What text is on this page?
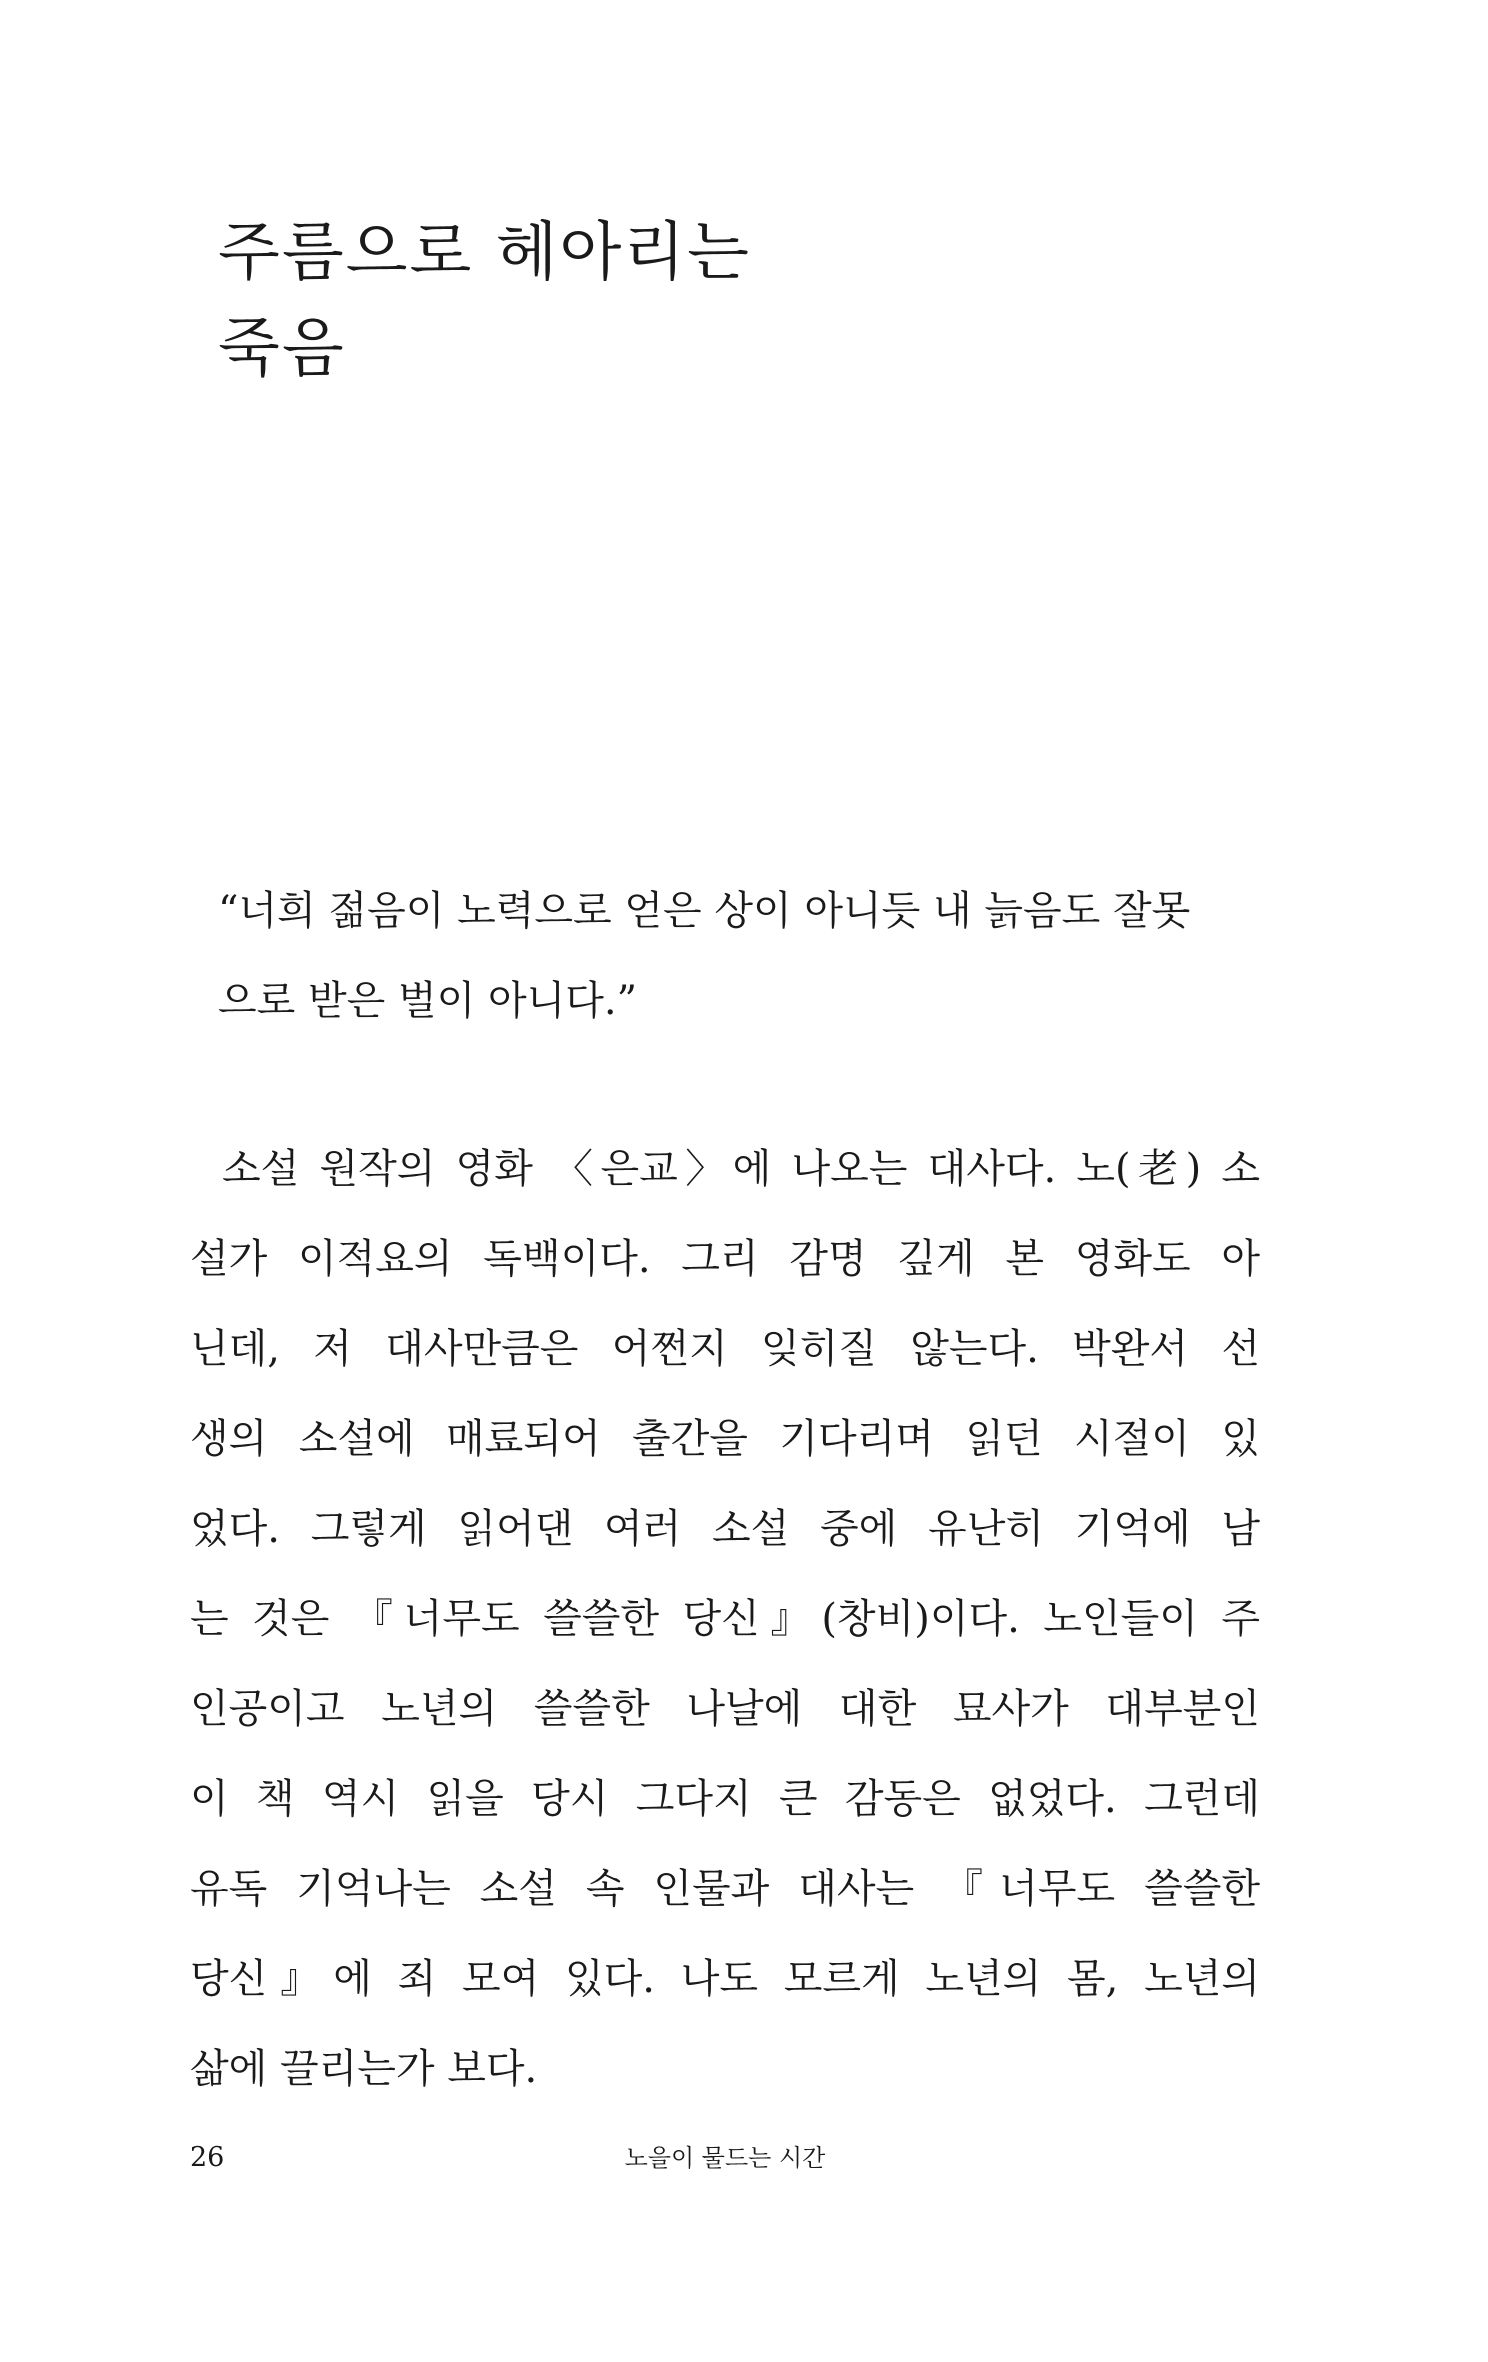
주름으로 헤아리는
죽음
“너희 젊음이 노력으로 얻은 상이 아니듯 내 늙음도 잘못
으로 받은 벌이 아니다.”
소설 원작의 영화 〈은교〉에 나오는 대사다. 노(老) 소
설가 이적요의 독백이다. 그리 감명 깊게 본 영화도 아
닌데, 저 대사만큼은 어쩐지 잊히질 않는다. 박완서 선
생의 소설에 매료되어 출간을 기다리며 읽던 시절이 있
었다. 그렇게 읽어댄 여러 소설 중에 유난히 기억에 남
는 것은 『너무도 쓸쓸한 당신』(창비)이다. 노인들이 주
인공이고 노년의 쓸쓸한 나날에 대한 묘사가 대부분인
이 책 역시 읽을 당시 그다지 큰 감동은 없었다. 그런데
유독 기억나는 소설 속 인물과 대사는 『너무도 쓸쓸한
당신』에 죄 모여 있다. 나도 모르게 노년의 몸, 노년의
삶에 끌리는가 보다.
26	노을이 물드는 시간
